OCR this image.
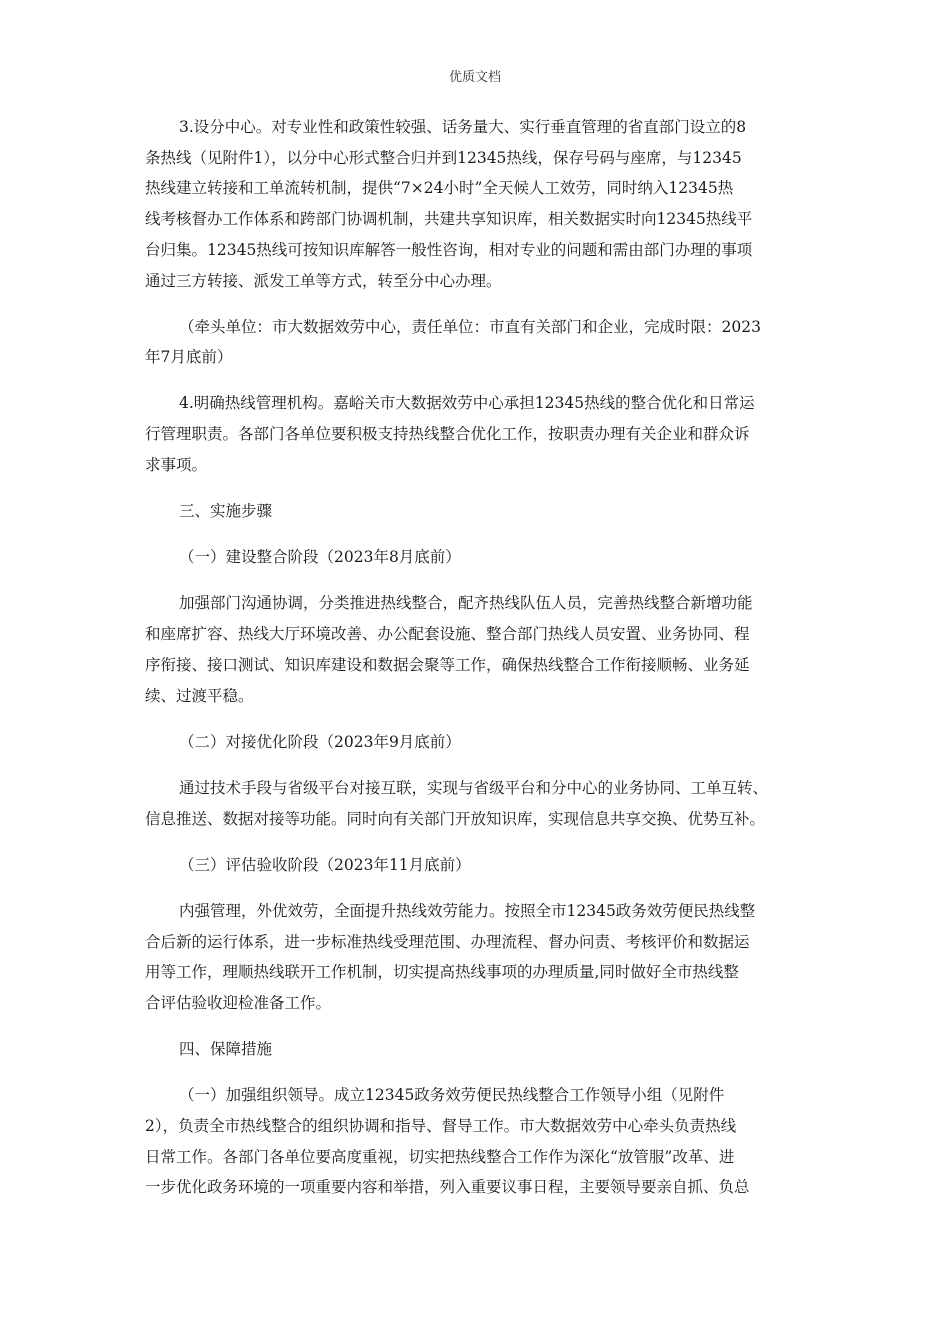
优质文档
3.设分中心。对专业性和政策性较强、话务量大、实行垂直管理的省直部门设立的8
条热线（见附件1），以分中心形式整合归并到12345热线，保存号码与座席，与12345
热线建立转接和工单流转机制，提供“7×24小时”全天候人工效劳，同时纳入12345热
线考核督办工作体系和跨部门协调机制，共建共享知识库，相关数据实时向12345热线平
台归集。12345热线可按知识库解答一般性咨询，相对专业的问题和需由部门办理的事项
通过三方转接、派发工单等方式，转至分中心办理。
（牵头单位：市大数据效劳中心，责任单位：市直有关部门和企业，完成时限：2023
年7月底前）
4.明确热线管理机构。嘉峪关市大数据效劳中心承担12345热线的整合优化和日常运
行管理职责。各部门各单位要积极支持热线整合优化工作，按职责办理有关企业和群众诉
求事项。
三、实施步骤
（一）建设整合阶段（2023年8月底前）
加强部门沟通协调，分类推进热线整合，配齐热线队伍人员，完善热线整合新增功能
和座席扩容、热线大厅环境改善、办公配套设施、整合部门热线人员安置、业务协同、程
序衔接、接口测试、知识库建设和数据会聚等工作，确保热线整合工作衔接顺畅、业务延
续、过渡平稳。
（二）对接优化阶段（2023年9月底前）
通过技术手段与省级平台对接互联，实现与省级平台和分中心的业务协同、工单互转、
信息推送、数据对接等功能。同时向有关部门开放知识库，实现信息共享交换、优势互补。
（三）评估验收阶段（2023年11月底前）
内强管理，外优效劳，全面提升热线效劳能力。按照全市12345政务效劳便民热线整
合后新的运行体系，进一步标准热线受理范围、办理流程、督办问责、考核评价和数据运
用等工作，理顺热线联开工作机制，切实提高热线事项的办理质量,同时做好全市热线整
合评估验收迎检准备工作。
四、保障措施
（一）加强组织领导。成立12345政务效劳便民热线整合工作领导小组（见附件
2），负责全市热线整合的组织协调和指导、督导工作。市大数据效劳中心牵头负责热线
日常工作。各部门各单位要高度重视，切实把热线整合工作作为深化“放管服”改革、进
一步优化政务环境的一项重要内容和举措，列入重要议事日程，主要领导要亲自抓、负总
